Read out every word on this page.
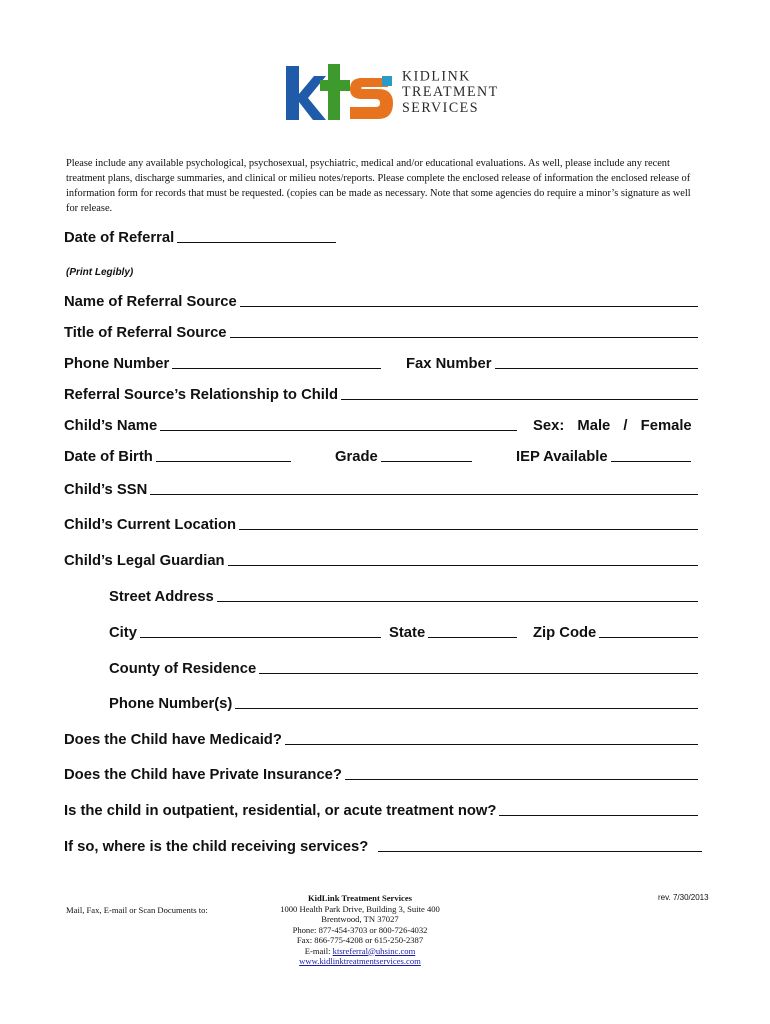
KIDLINK
TREATMENT
SERVICES
Please include any available psychological, psychosexual, psychiatric, medical and/or educational evaluations. As well, please include any recent treatment plans, discharge summaries, and clinical or milieu notes/reports. Please complete the enclosed release of information the enclosed release of information form for records that must be requested. (copies can be made as necessary. Note that some agencies do require a minor’s signature as well for release.
Date of Referral
(Print Legibly)
Name of Referral Source
Title of Referral Source
Phone Number	Fax Number
Referral Source’s Relationship to Child
Child’s Name	Sex: Male / Female
Date of Birth	Grade	IEP Available
Child’s SSN
Child’s Current Location
Child’s Legal Guardian
Street Address
City	State	Zip Code
County of Residence
Phone Number(s)
Does the Child have Medicaid?
Does the Child have Private Insurance?
Is the child in outpatient, residential, or acute treatment now?
If so, where is the child receiving services?
Mail, Fax, E-mail or Scan Documents to:
KidLink Treatment Services
1000 Health Park Drive, Building 3, Suite 400
Brentwood, TN 37027
Phone: 877-454-3703 or 800-726-4032
Fax: 866-775-4208 or 615-250-2387
E-mail: ktsreferral@uhsinc.com
www.kidlinktreatmentservices.com
rev. 7/30/2013
